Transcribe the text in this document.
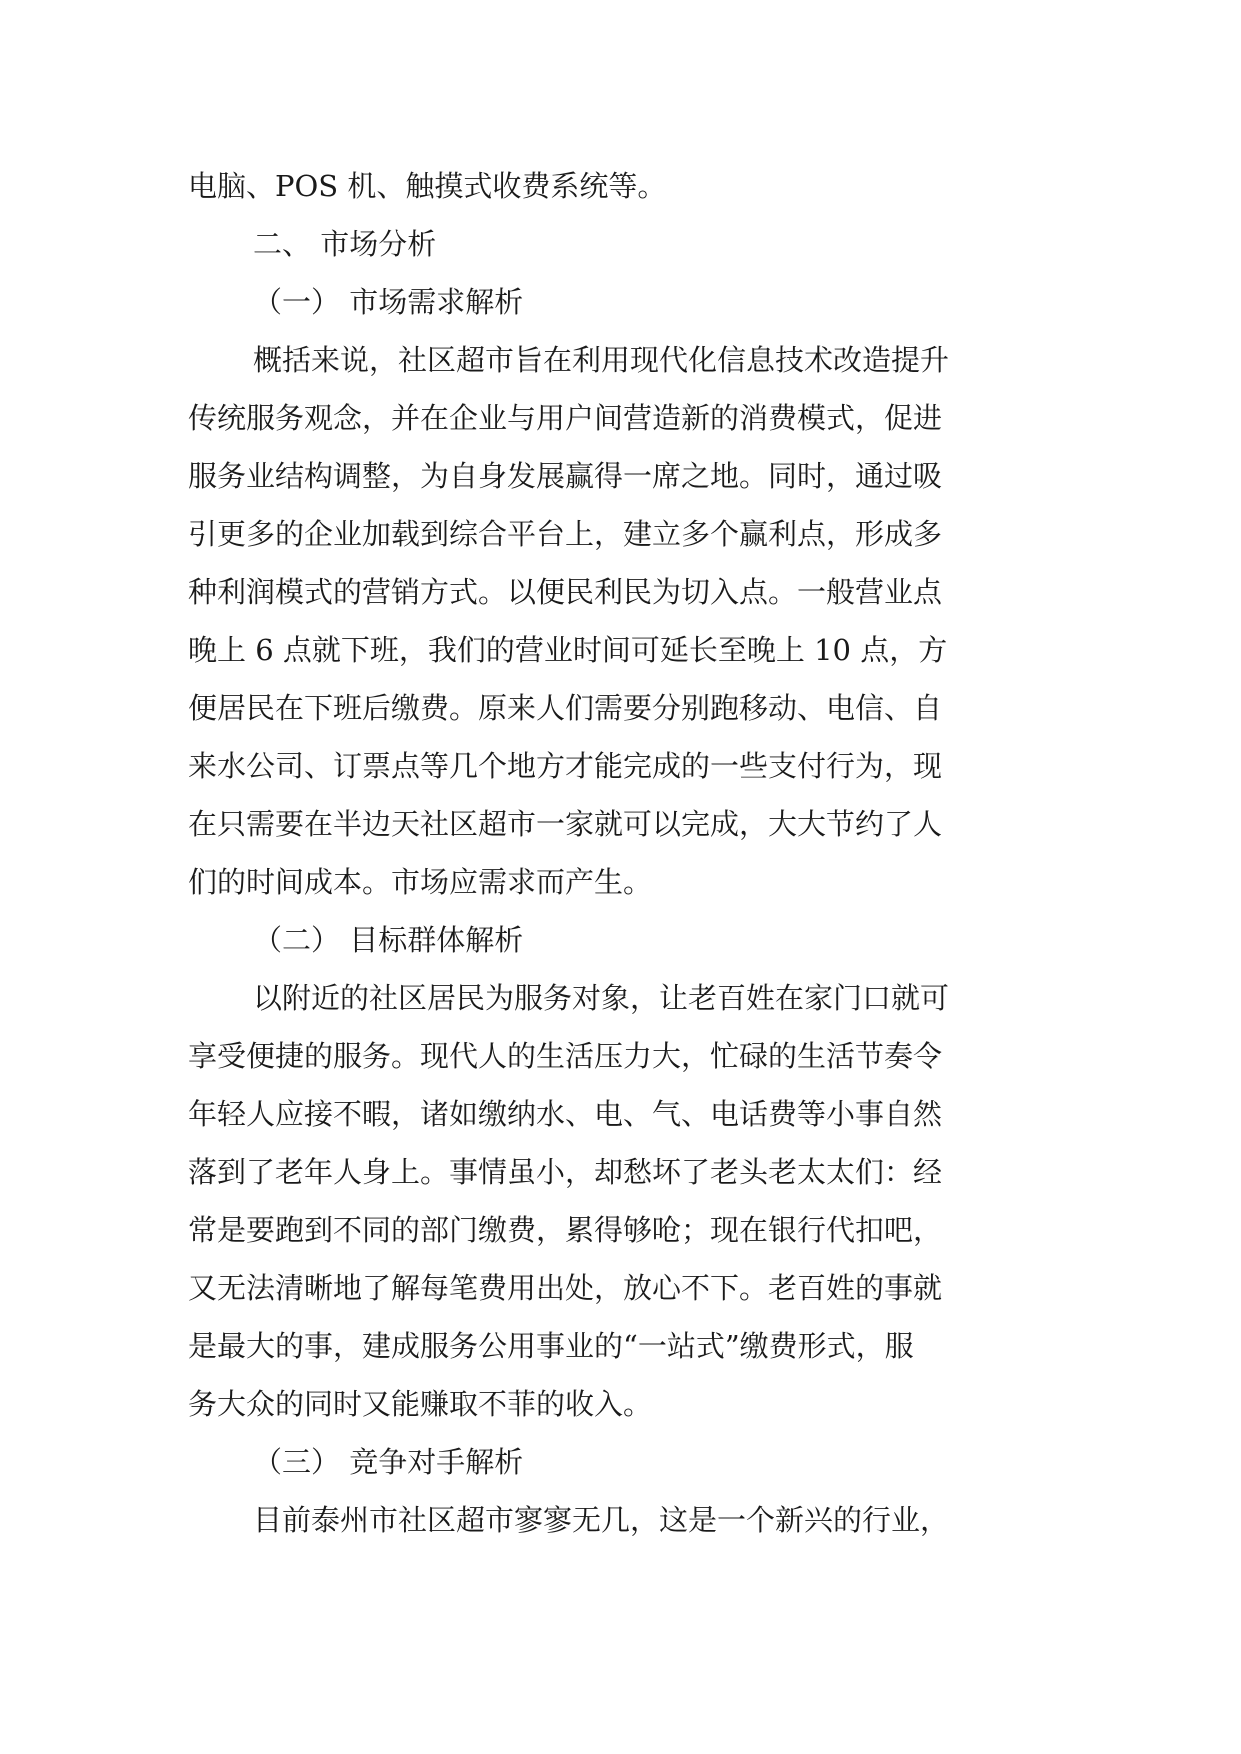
电脑、POS 机、触摸式收费系统等。
二、 市场分析
（一） 市场需求解析
概括来说，社区超市旨在利用现代化信息技术改造提升
传统服务观念，并在企业与用户间营造新的消费模式，促进
服务业结构调整，为自身发展赢得一席之地。同时，通过吸
引更多的企业加载到综合平台上，建立多个赢利点，形成多
种利润模式的营销方式。以便民利民为切入点。一般营业点
晚上 6 点就下班，我们的营业时间可延长至晚上 10 点，方
便居民在下班后缴费。原来人们需要分别跑移动、电信、自
来水公司、订票点等几个地方才能完成的一些支付行为，现
在只需要在半边天社区超市一家就可以完成，大大节约了人
们的时间成本。市场应需求而产生。
（二） 目标群体解析
以附近的社区居民为服务对象，让老百姓在家门口就可
享受便捷的服务。现代人的生活压力大，忙碌的生活节奏令
年轻人应接不暇，诸如缴纳水、电、气、电话费等小事自然
落到了老年人身上。事情虽小，却愁坏了老头老太太们：经
常是要跑到不同的部门缴费，累得够呛；现在银行代扣吧，
又无法清晰地了解每笔费用出处，放心不下。老百姓的事就
是最大的事，建成服务公用事业的“一站式”缴费形式，服
务大众的同时又能赚取不菲的收入。
（三） 竞争对手解析
目前泰州市社区超市寥寥无几，这是一个新兴的行业，
